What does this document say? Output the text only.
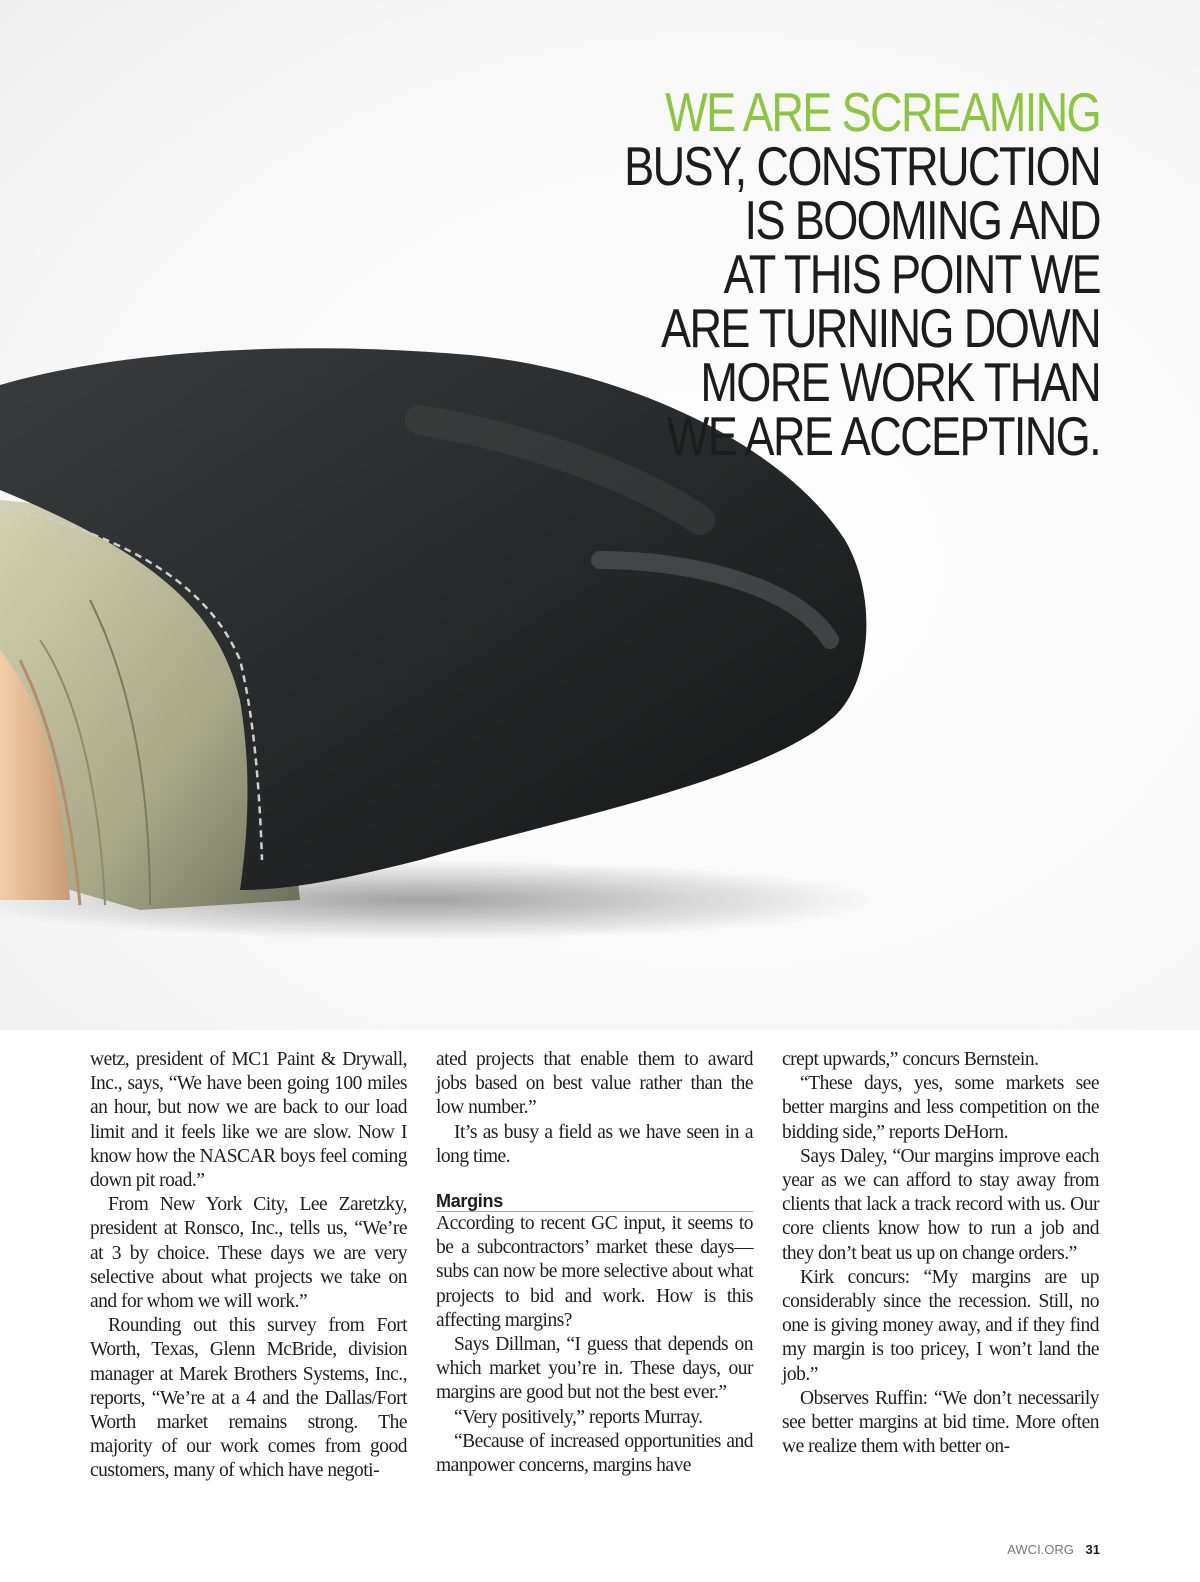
WE ARE SCREAMING
BUSY, CONSTRUCTION
IS BOOMING AND
AT THIS POINT WE
ARE TURNING DOWN
MORE WORK THAN
WE ARE ACCEPTING.

wetz, president of MC1 Paint & Drywall, Inc., says, “We have been going 100 miles an hour, but now we are back to our load limit and it feels like we are slow. Now I know how the NASCAR boys feel coming down pit road.”

From New York City, Lee Zaretzky, president at Ronsco, Inc., tells us, “We’re at 3 by choice. These days we are very selective about what projects we take on and for whom we will work.”

Rounding out this survey from Fort Worth, Texas, Glenn McBride, division manager at Marek Brothers Systems, Inc., reports, “We’re at a 4 and the Dallas/Fort Worth market remains strong. The majority of our work comes from good customers, many of which have negoti-

ated projects that enable them to award jobs based on best value rather than the low number.”

It’s as busy a field as we have seen in a long time.

Margins

According to recent GC input, it seems to be a subcontractors’ market these days—subs can now be more selective about what projects to bid and work. How is this affecting margins?

Says Dillman, “I guess that depends on which market you’re in. These days, our margins are good but not the best ever.”

“Very positively,” reports Murray.

“Because of increased opportunities and manpower concerns, margins have

crept upwards,” concurs Bernstein.

“These days, yes, some markets see better margins and less competition on the bidding side,” reports DeHorn.

Says Daley, “Our margins improve each year as we can afford to stay away from clients that lack a track record with us. Our core clients know how to run a job and they don’t beat us up on change orders.”

Kirk concurs: “My margins are up considerably since the recession. Still, no one is giving money away, and if they find my margin is too pricey, I won’t land the job.”

Observes Ruffin: “We don’t necessarily see better margins at bid time. More often we realize them with better on-

AWCI.ORG 31
